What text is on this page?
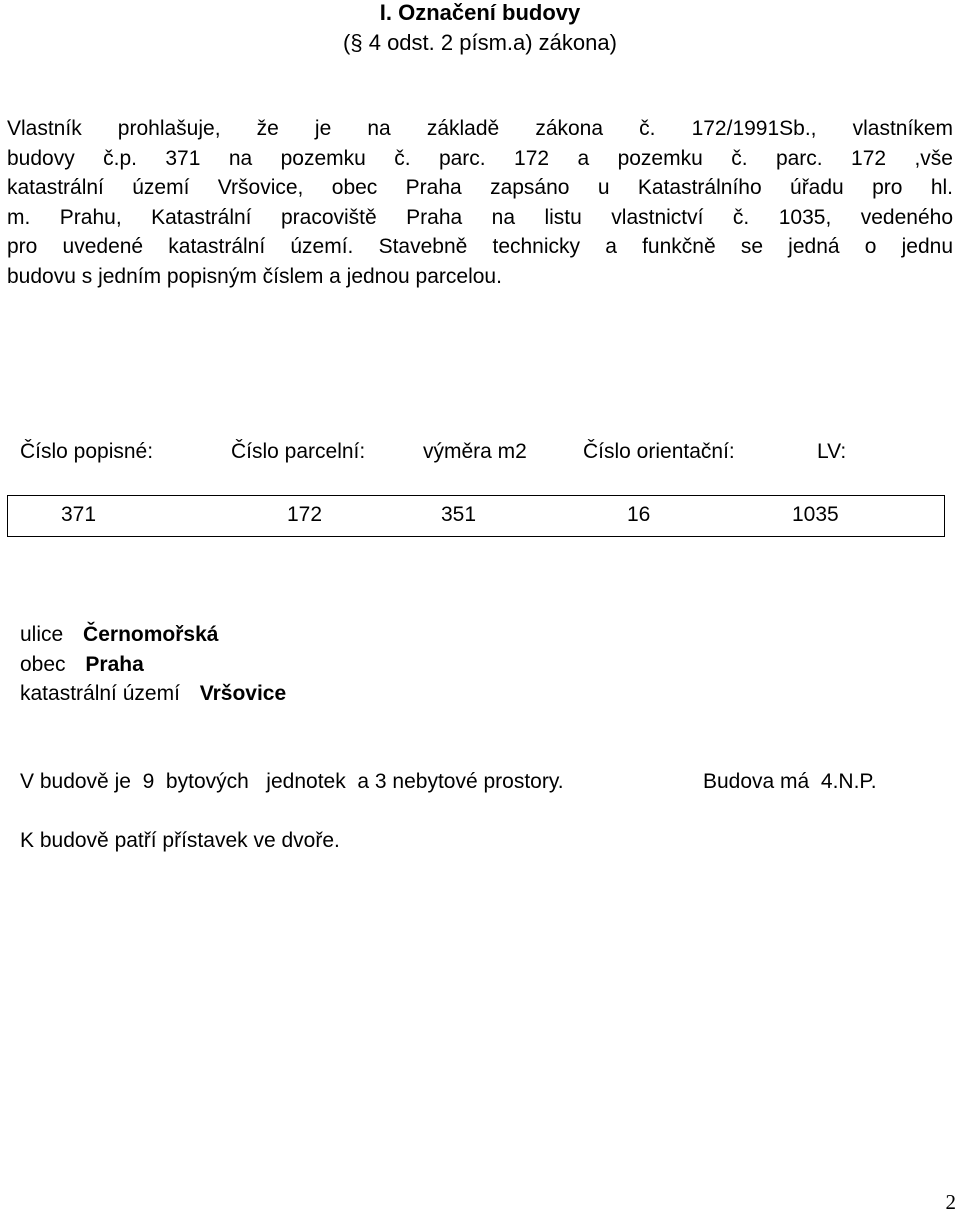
I. Označení budovy
(§ 4 odst. 2 písm.a) zákona)
Vlastník prohlašuje, že je na základě zákona č. 172/1991Sb., vlastníkem
budovy č.p. 371 na pozemku č. parc. 172 a pozemku č. parc. 172 ,vše
katastrální území Vršovice, obec Praha zapsáno u Katastrálního úřadu pro hl.
m. Prahu, Katastrální pracoviště Praha na listu vlastnictví č. 1035, vedeného
pro uvedené katastrální území. Stavebně technicky a funkčně se jedná o jednu
budovu s jedním popisným číslem a jednou parcelou.
Číslo popisné:	Číslo parcelní:	výměra m2	Číslo orientační:	LV:
371	172	351	16	1035
ulice Černomořská
obec Praha
katastrální území Vršovice
V budově je  9  bytových   jednotek  a 3 nebytové prostory.	Budova má  4.N.P.
K budově patří přístavek ve dvoře.
2
